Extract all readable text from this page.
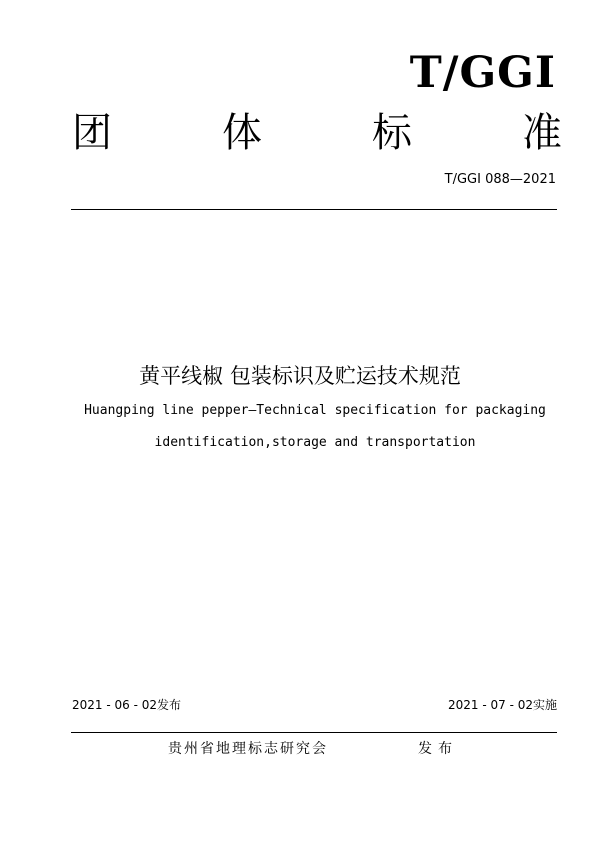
T/GGI
团	体	标	准
T/GGI 088—2021
黄平线椒 包装标识及贮运技术规范
Huangping line pepper—Technical specification for packaging
identification,storage and transportation
2021 - 06 - 02发布	2021 - 07 - 02实施
贵州省地理标志研究会	发布
